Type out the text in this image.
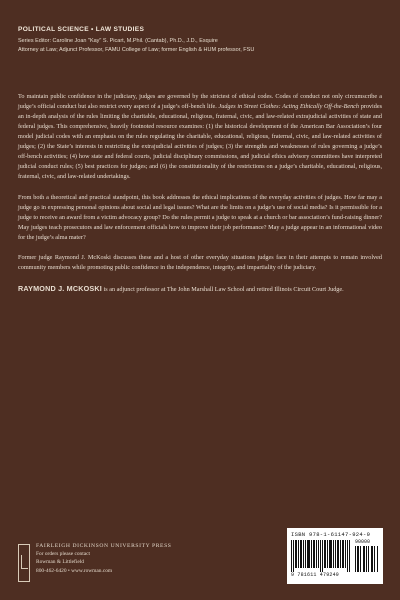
POLITICAL SCIENCE • LAW STUDIES
Series Editor: Caroline Joan "Kay" S. Picart, M.Phil. (Cantab), Ph.D., J.D., Esquire
Attorney at Law; Adjunct Professor, FAMU College of Law; former English & HUM professor, FSU

To maintain public confidence in the judiciary, judges are governed by the strictest of ethical codes. Codes of conduct not only circumscribe a judge’s official conduct but also restrict every aspect of a judge’s off-bench life. Judges in Street Clothes: Acting Ethically Off-the-Bench provides an in-depth analysis of the rules limiting the charitable, educational, religious, fraternal, civic, and law-related extrajudicial activities of state and federal judges. This comprehensive, heavily footnoted resource examines: (1) the historical development of the American Bar Association’s four model judicial codes with an emphasis on the rules regulating the charitable, educational, religious, fraternal, civic, and law-related activities of judges; (2) the State’s interests in restricting the extrajudicial activities of judges; (3) the strengths and weaknesses of rules governing a judge’s off-bench activities; (4) how state and federal courts, judicial disciplinary commissions, and judicial ethics advisory committees have interpreted judicial conduct rules; (5) best practices for judges; and (6) the constitutionality of the restrictions on a judge’s charitable, educational, religious, fraternal, civic, and law-related undertakings.

From both a theoretical and practical standpoint, this book addresses the ethical implications of the everyday activities of judges. How far may a judge go in expressing personal opinions about social and legal issues? What are the limits on a judge’s use of social media? Is it permissible for a judge to receive an award from a victim advocacy group? Do the rules permit a judge to speak at a church or bar association’s fund-raising dinner? May judges teach prosecutors and law enforcement officials how to improve their job performance? May a judge appear in an informational video for the judge’s alma mater?

Former judge Raymond J. McKoski discusses these and a host of other everyday situations judges face in their attempts to remain involved community members while promoting public confidence in the independence, integrity, and impartiality of the judiciary.

RAYMOND J. MCKOSKI is an adjunct professor at The John Marshall Law School and retired Illinois Circuit Court Judge.

FAIRLEIGH DICKINSON UNIVERSITY PRESS
For orders please contact
Rowman & Littlefield
800-462-6420 • www.rowman.com
ISBN 978-1-61147-924-9
90000
9 781611 479249
